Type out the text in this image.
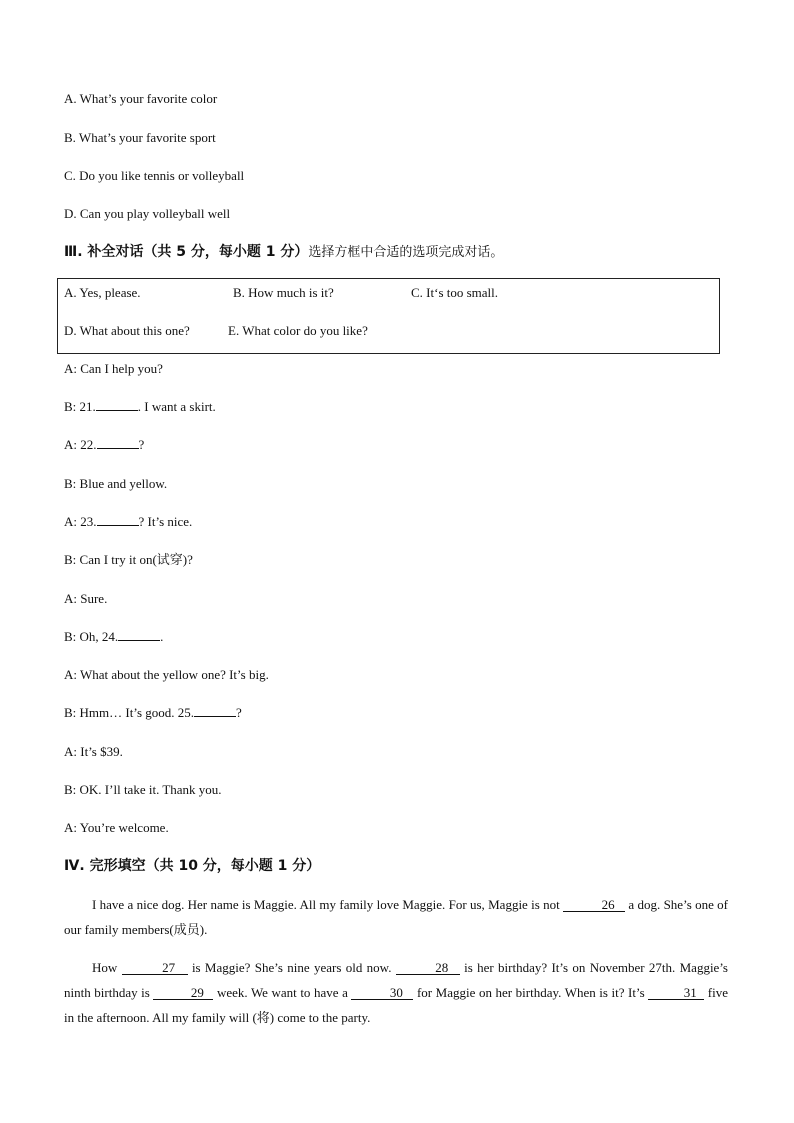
A. What’s your favorite color
B. What’s your favorite sport
C. Do you like tennis or volleyball
D. Can you play volleyball well
Ⅲ. 补全对话（共 5 分，每小题 1 分）选择方框中合适的选项完成对话。
A. Yes, please.	B. How much is it?	C. It‘s too small.
D. What about this one?	E. What color do you like?
A: Can I help you?
B: 21.	. I want a skirt.
A: 22.	?
B: Blue and yellow.
A: 23.	? It’s nice.
B: Can I try it on(试穿)?
A: Sure.
B: Oh, 24.	.
A: What about the yellow one? It’s big.
B: Hmm… It’s good. 25.	?
A: It’s $39.
B: OK. I’ll take it. Thank you.
A: You’re welcome.
Ⅳ. 完形填空（共 10 分，每小题 1 分）
I have a nice dog. Her name is Maggie. All my family love Maggie. For us, Maggie is not	26 a dog. She’s one of our family members(成员).
How	27 is Maggie? She’s nine years old now.	28 is her birthday? It’s on November 27th. Maggie’s ninth birthday is	29 week. We want to have a	30 for Maggie on her birthday. When is it? It’s	31 five in the afternoon. All my family will (将) come to the party.
